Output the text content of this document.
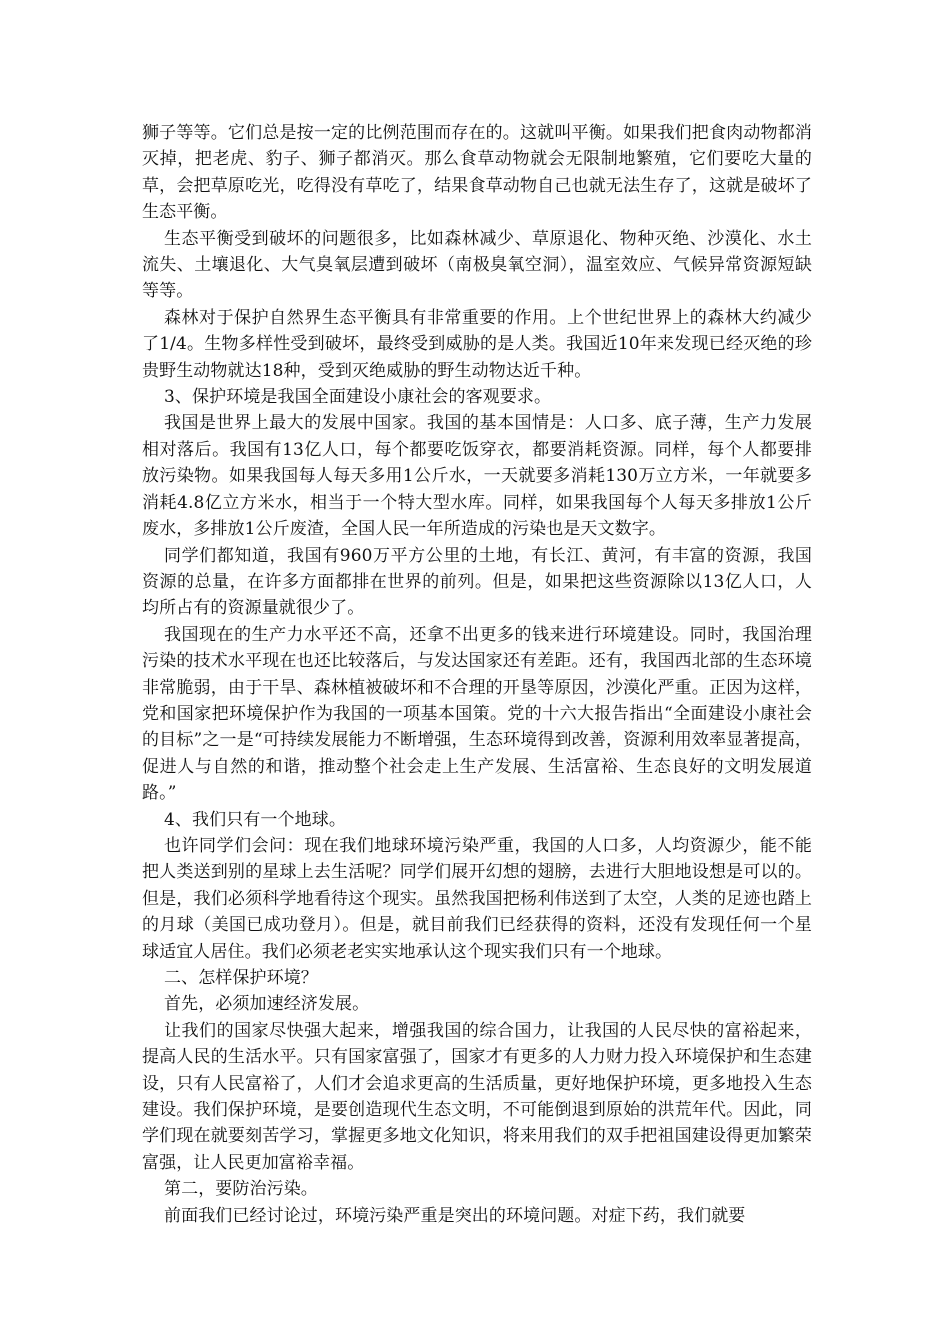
狮子等等。它们总是按一定的比例范围而存在的。这就叫平衡。如果我们把食肉动物都消灭掉，把老虎、豹子、狮子都消灭。那么食草动物就会无限制地繁殖，它们要吃大量的草，会把草原吃光，吃得没有草吃了，结果食草动物自己也就无法生存了，这就是破坏了生态平衡。

生态平衡受到破坏的问题很多，比如森林减少、草原退化、物种灭绝、沙漠化、水土流失、土壤退化、大气臭氧层遭到破坏（南极臭氧空洞），温室效应、气候异常资源短缺等等。

森林对于保护自然界生态平衡具有非常重要的作用。上个世纪世界上的森林大约减少了1/4。生物多样性受到破坏，最终受到威胁的是人类。我国近10年来发现已经灭绝的珍贵野生动物就达18种，受到灭绝威胁的野生动物达近千种。

3、保护环境是我国全面建设小康社会的客观要求。

我国是世界上最大的发展中国家。我国的基本国情是：人口多、底子薄，生产力发展相对落后。我国有13亿人口，每个都要吃饭穿衣，都要消耗资源。同样，每个人都要排放污染物。如果我国每人每天多用1公斤水，一天就要多消耗130万立方米，一年就要多消耗4.8亿立方米水，相当于一个特大型水库。同样，如果我国每个人每天多排放1公斤废水，多排放1公斤废渣，全国人民一年所造成的污染也是天文数字。

同学们都知道，我国有960万平方公里的土地，有长江、黄河，有丰富的资源，我国资源的总量，在许多方面都排在世界的前列。但是，如果把这些资源除以13亿人口，人均所占有的资源量就很少了。

我国现在的生产力水平还不高，还拿不出更多的钱来进行环境建设。同时，我国治理污染的技术水平现在也还比较落后，与发达国家还有差距。还有，我国西北部的生态环境非常脆弱，由于干旱、森林植被破坏和不合理的开垦等原因，沙漠化严重。正因为这样，党和国家把环境保护作为我国的一项基本国策。党的十六大报告指出“全面建设小康社会的目标”之一是“可持续发展能力不断增强，生态环境得到改善，资源利用效率显著提高，促进人与自然的和谐，推动整个社会走上生产发展、生活富裕、生态良好的文明发展道路。”

4、我们只有一个地球。

也许同学们会问：现在我们地球环境污染严重，我国的人口多，人均资源少，能不能把人类送到别的星球上去生活呢？同学们展开幻想的翅膀，去进行大胆地设想是可以的。但是，我们必须科学地看待这个现实。虽然我国把杨利伟送到了太空，人类的足迹也踏上的月球（美国已成功登月）。但是，就目前我们已经获得的资料，还没有发现任何一个星球适宜人居住。我们必须老老实实地承认这个现实我们只有一个地球。

二、怎样保护环境？

首先，必须加速经济发展。

让我们的国家尽快强大起来，增强我国的综合国力，让我国的人民尽快的富裕起来，提高人民的生活水平。只有国家富强了，国家才有更多的人力财力投入环境保护和生态建设，只有人民富裕了，人们才会追求更高的生活质量，更好地保护环境，更多地投入生态建设。我们保护环境，是要创造现代生态文明，不可能倒退到原始的洪荒年代。因此，同学们现在就要刻苦学习，掌握更多地文化知识，将来用我们的双手把祖国建设得更加繁荣富强，让人民更加富裕幸福。

第二，要防治污染。

前面我们已经讨论过，环境污染严重是突出的环境问题。对症下药，我们就要
